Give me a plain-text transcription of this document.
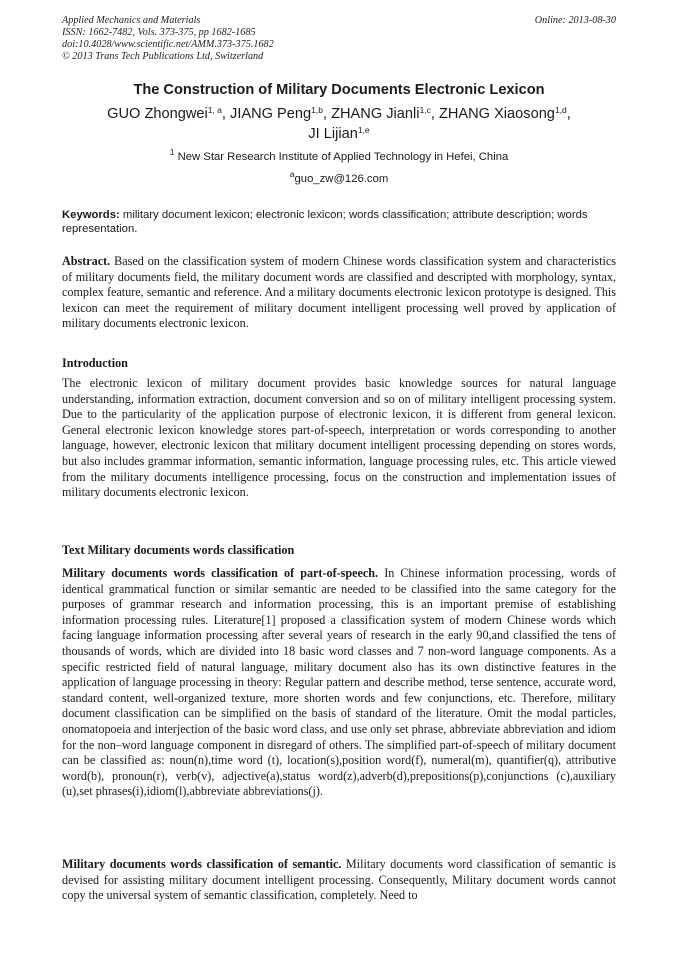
Applied Mechanics and Materials
ISSN: 1662-7482, Vols. 373-375, pp 1682-1685
doi:10.4028/www.scientific.net/AMM.373-375.1682
© 2013 Trans Tech Publications Ltd, Switzerland
Online: 2013-08-30
The Construction of Military Documents Electronic Lexicon
GUO Zhongwei$^{1, a}$, JIANG Peng$^{1,b}$, ZHANG Jianli$^{1,c}$, ZHANG Xiaosong$^{1,d}$,
JI Lijian$^{1,e}$
$^1$ New Star Research Institute of Applied Technology in Hefei, China
$^a$guo_zw@126.com
Keywords: military document lexicon; electronic lexicon; words classification; attribute description; words representation.

Abstract. Based on the classification system of modern Chinese words classification system and characteristics of military documents field, the military document words are classified and descripted with morphology, syntax, complex feature, semantic and reference. And a military documents electronic lexicon prototype is designed. This lexicon can meet the requirement of military document intelligent processing well proved by application of military documents electronic lexicon.

Introduction

The electronic lexicon of military document provides basic knowledge sources for natural language understanding, information extraction, document conversion and so on of military intelligent processing system. Due to the particularity of the application purpose of electronic lexicon, it is different from general lexicon. General electronic lexicon knowledge stores part-of-speech, interpretation or words corresponding to another language, however, electronic lexicon that military document intelligent processing depending on stores words, but also includes grammar information, semantic information, language processing rules, etc. This article viewed from the military documents intelligence processing, focus on the construction and implementation issues of military documents electronic lexicon.

Text Military documents words classification

Military documents words classification of part-of-speech. In Chinese information processing, words of identical grammatical function or similar semantic are needed to be classified into the same category for the purposes of grammar research and information processing, this is an important premise of establishing information processing rules. Literature[1] proposed a classification system of modern Chinese words which facing language information processing after several years of research in the early 90,and classified the tens of thousands of words, which are divided into 18 basic word classes and 7 non-word language components. As a specific restricted field of natural language, military document also has its own distinctive features in the application of language processing in theory: Regular pattern and describe method, terse sentence, accurate word, standard content, well-organized texture, more shorten words and few conjunctions, etc. Therefore, military document classification can be simplified on the basis of standard of the literature. Omit the modal particles, onomatopoeia and interjection of the basic word class, and use only set phrase, abbreviate abbreviation and idiom for the non–word language component in disregard of others. The simplified part-of-speech of military document can be classified as: noun(n),time word (t), location(s),position word(f), numeral(m), quantifier(q), attributive word(b), pronoun(r), verb(v), adjective(a),status word(z),adverb(d),prepositions(p),conjunctions (c),auxiliary (u),set phrases(i),idiom(l),abbreviate abbreviations(j).

Military documents words classification of semantic. Military documents word classification of semantic is devised for assisting military document intelligent processing. Consequently, Military document words cannot copy the universal system of semantic classification, completely. Need to
